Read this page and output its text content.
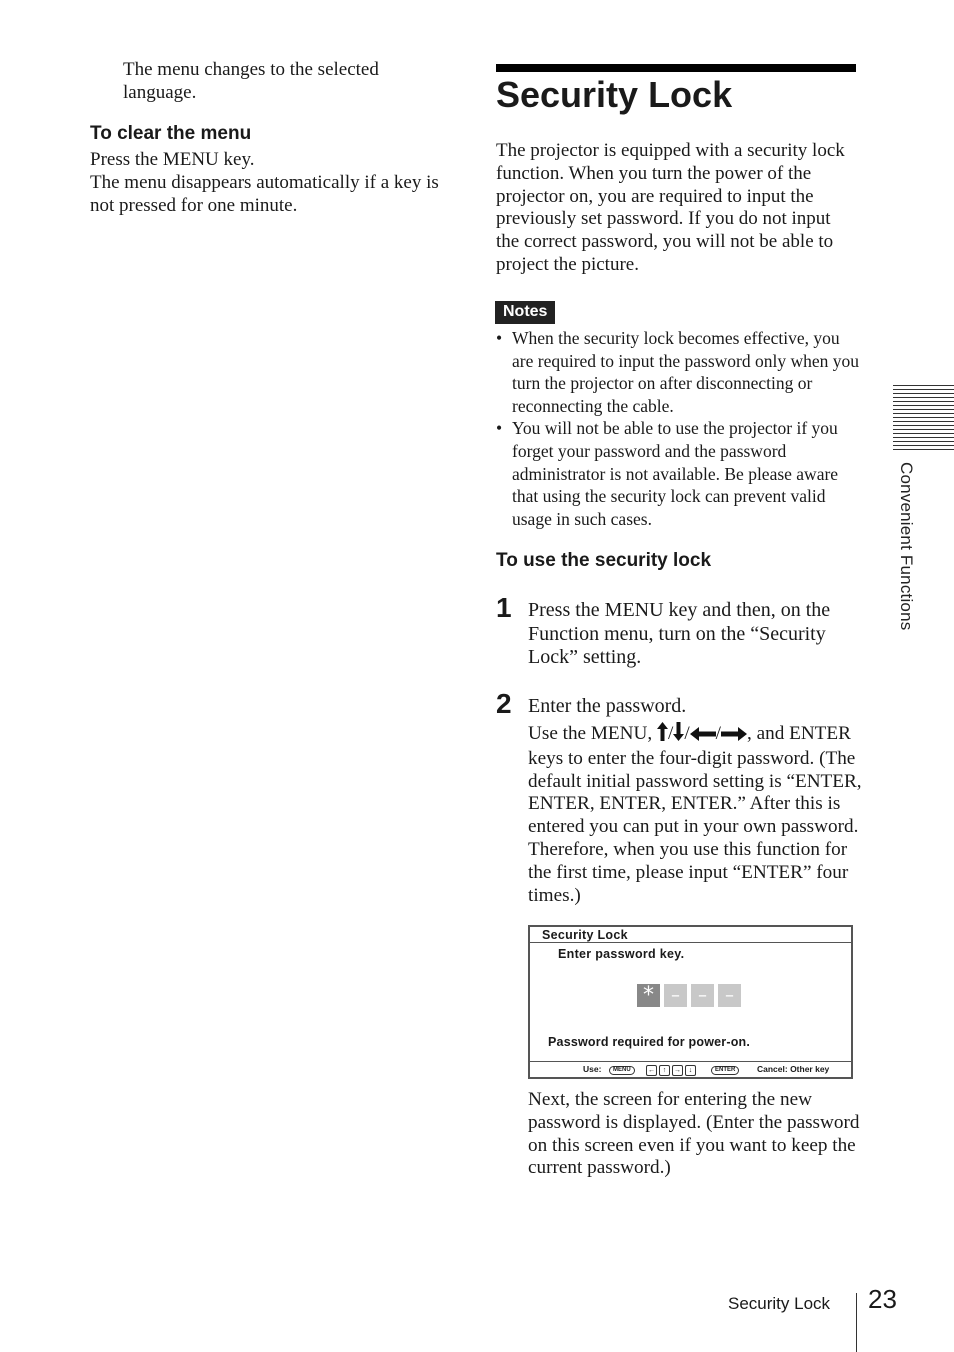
The menu changes to the selected language.
To clear the menu
Press the MENU key.
The menu disappears automatically if a key is not pressed for one minute.
Security Lock
The projector is equipped with a security lock function. When you turn the power of the projector on, you are required to input the previously set password. If you do not input the correct password, you will not be able to project the picture.
Notes
• When the security lock becomes effective, you are required to input the password only when you turn the projector on after disconnecting or reconnecting the cable.
• You will not be able to use the projector if you forget your password and the password administrator is not available. Be please aware that using the security lock can prevent valid usage in such cases.
To use the security lock
1 Press the MENU key and then, on the Function menu, turn on the “Security Lock” setting.
2 Enter the password.
Use the MENU, / / / , and ENTER keys to enter the four-digit password. (The default initial password setting is “ENTER, ENTER, ENTER, ENTER.” After this is entered you can put in your own password. Therefore, when you use this function for the first time, please input “ENTER” four times.)
Security Lock
Enter password key.
* –	–	–
Password required for power-on.
Use:	MENU	← ↑ → ↓	ENTER	Cancel: Other key
Next, the screen for entering the new password is displayed. (Enter the password on this screen even if you want to keep the current password.)
Convenient Functions
Security Lock 23
